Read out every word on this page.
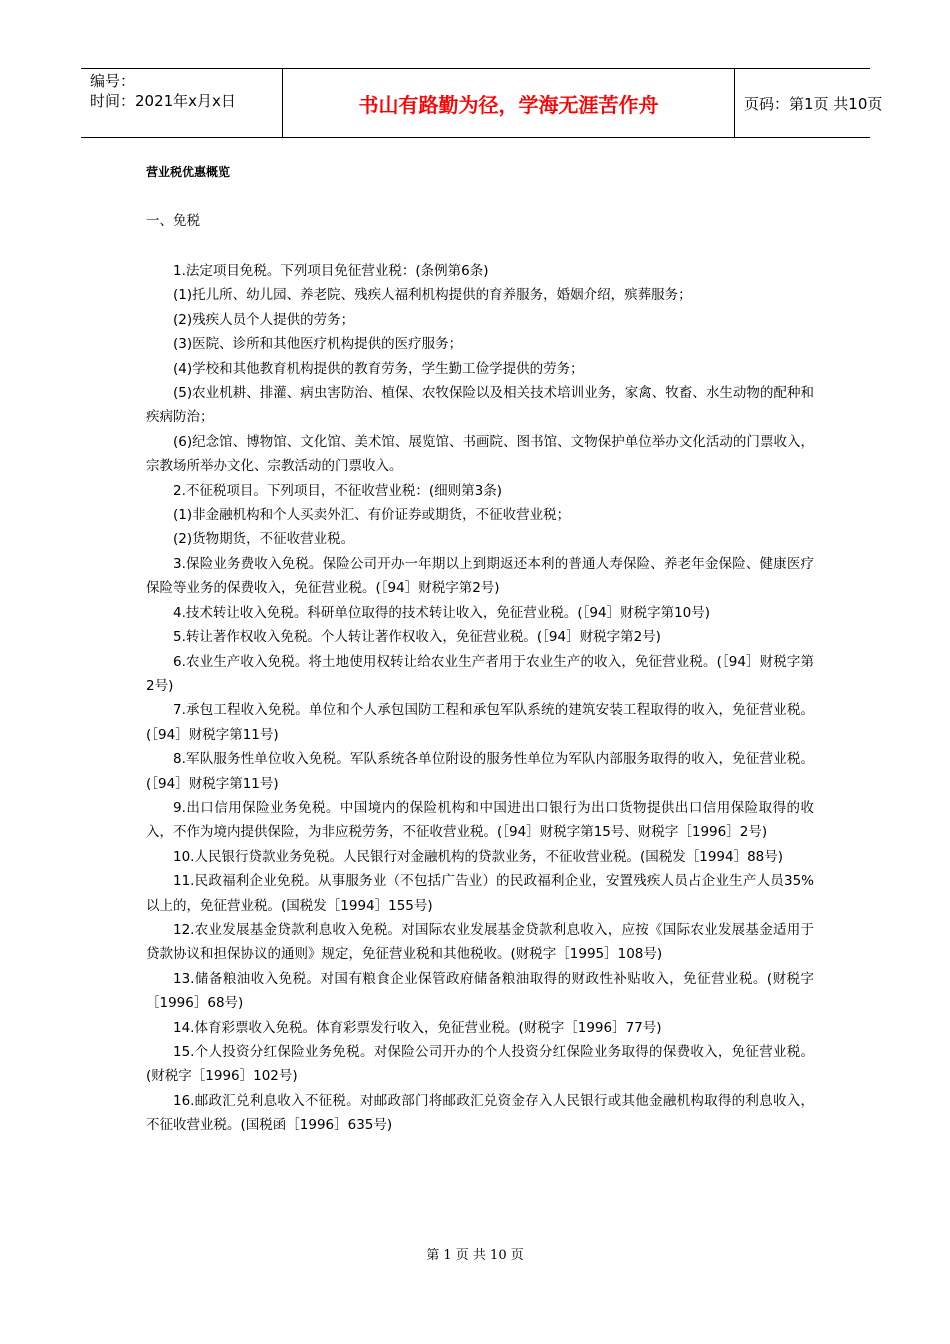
编号：
时间：2021年x月x日	书山有路勤为径，学海无涯苦作舟	页码：第1页 共10页
营业税优惠概览
一、免税

1.法定项目免税。下列项目免征营业税：(条例第6条)

(1)托儿所、幼儿园、养老院、残疾人福利机构提供的育养服务，婚姻介绍，殡葬服务；

(2)残疾人员个人提供的劳务；

(3)医院、诊所和其他医疗机构提供的医疗服务；

(4)学校和其他教育机构提供的教育劳务，学生勤工俭学提供的劳务；

(5)农业机耕、排灌、病虫害防治、植保、农牧保险以及相关技术培训业务，家禽、牧畜、水生动物的配种和疾病防治；

(6)纪念馆、博物馆、文化馆、美术馆、展览馆、书画院、图书馆、文物保护单位举办文化活动的门票收入，宗教场所举办文化、宗教活动的门票收入。

2.不征税项目。下列项目，不征收营业税：(细则第3条)

(1)非金融机构和个人买卖外汇、有价证券或期货，不征收营业税；

(2)货物期货，不征收营业税。

3.保险业务费收入免税。保险公司开办一年期以上到期返还本利的普通人寿保险、养老年金保险、健康医疗保险等业务的保费收入，免征营业税。(［94］财税字第2号)

4.技术转让收入免税。科研单位取得的技术转让收入，免征营业税。(［94］财税字第10号)

5.转让著作权收入免税。个人转让著作权收入，免征营业税。(［94］财税字第2号)

6.农业生产收入免税。将土地使用权转让给农业生产者用于农业生产的收入，免征营业税。(［94］财税字第2号)

7.承包工程收入免税。单位和个人承包国防工程和承包军队系统的建筑安装工程取得的收入，免征营业税。(［94］财税字第11号)

8.军队服务性单位收入免税。军队系统各单位附设的服务性单位为军队内部服务取得的收入，免征营业税。(［94］财税字第11号)

9.出口信用保险业务免税。中国境内的保险机构和中国进出口银行为出口货物提供出口信用保险取得的收入，不作为境内提供保险，为非应税劳务，不征收营业税。(［94］财税字第15号、财税字［1996］2号)

10.人民银行贷款业务免税。人民银行对金融机构的贷款业务，不征收营业税。(国税发［1994］88号)

11.民政福利企业免税。从事服务业（不包括广告业）的民政福利企业，安置残疾人员占企业生产人员35%以上的，免征营业税。(国税发［1994］155号)

12.农业发展基金贷款利息收入免税。对国际农业发展基金贷款利息收入，应按《国际农业发展基金适用于贷款协议和担保协议的通则》规定，免征营业税和其他税收。(财税字［1995］108号)

13.储备粮油收入免税。对国有粮食企业保管政府储备粮油取得的财政性补贴收入，免征营业税。(财税字［1996］68号)

14.体育彩票收入免税。体育彩票发行收入，免征营业税。(财税字［1996］77号)

15.个人投资分红保险业务免税。对保险公司开办的个人投资分红保险业务取得的保费收入，免征营业税。(财税字［1996］102号)

16.邮政汇兑利息收入不征税。对邮政部门将邮政汇兑资金存入人民银行或其他金融机构取得的利息收入，不征收营业税。(国税函［1996］635号)

第 1 页 共 10 页
